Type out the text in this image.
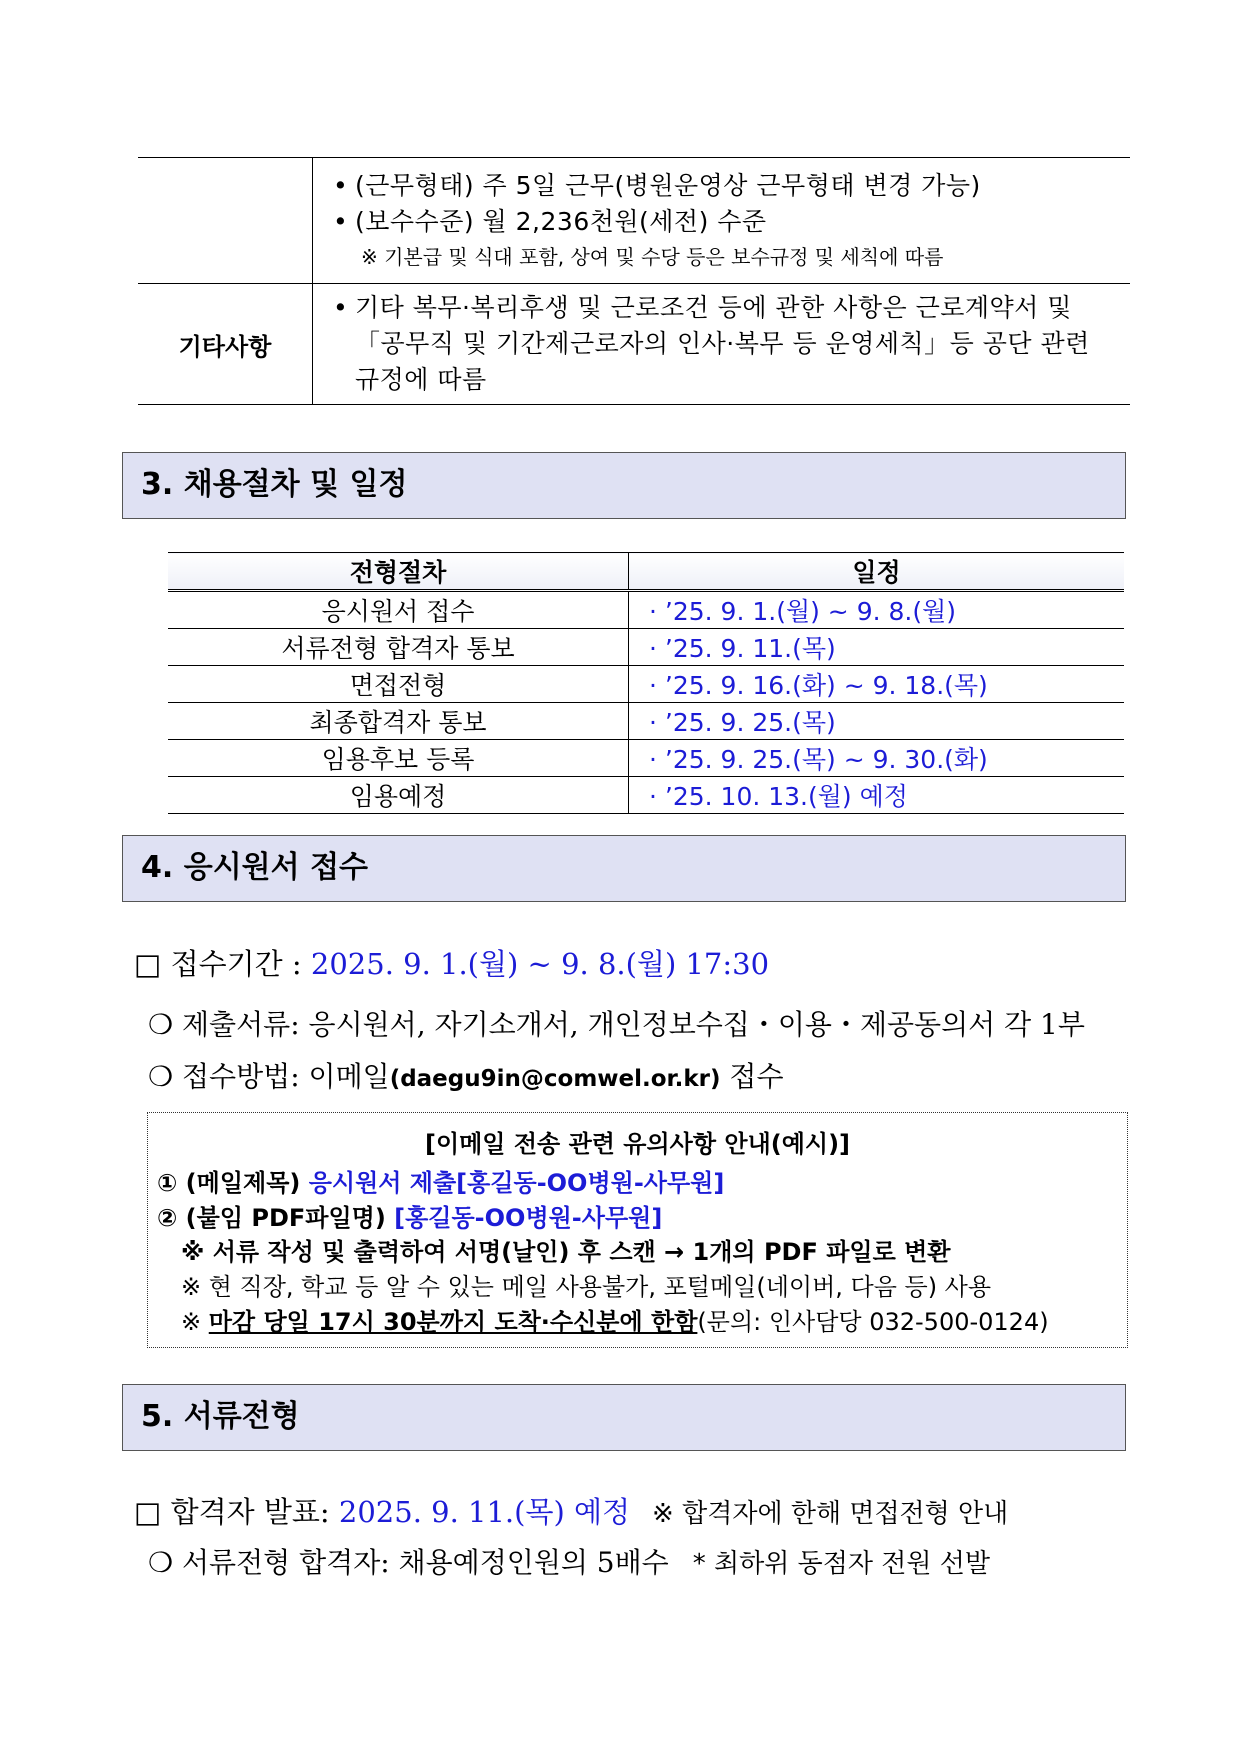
	• (근무형태) 주 5일 근무(병원운영상 근무형태 변경 가능)
• (보수수준) 월 2,236천원(세전) 수준
※ 기본급 및 식대 포함, 상여 및 수당 등은 보수규정 및 세칙에 따름

기타사항	• 기타 복무·복리후생 및 근로조건 등에 관한 사항은 근로계약서 및
「공무직 및 기간제근로자의 인사·복무 등 운영세칙」등 공단 관련
규정에 따름
3. 채용절차 및 일정
전형절차	일정
응시원서 접수	· ’25. 9. 1.(월) ~ 9. 8.(월)
서류전형 합격자 통보	· ’25. 9. 11.(목)
면접전형	· ’25. 9. 16.(화) ~ 9. 18.(목)
최종합격자 통보	· ’25. 9. 25.(목)
임용후보 등록	· ’25. 9. 25.(목) ~ 9. 30.(화)
임용예정	· ’25. 10. 13.(월) 예정
4. 응시원서 접수
□ 접수기간 : 2025. 9. 1.(월) ~ 9. 8.(월) 17:30
❍ 제출서류: 응시원서, 자기소개서, 개인정보수집・이용・제공동의서 각 1부
❍ 접수방법: 이메일(daegu9in@comwel.or.kr) 접수
[이메일 전송 관련 유의사항 안내(예시)]
① (메일제목) 응시원서 제출[홍길동-OO병원-사무원]
② (붙임 PDF파일명) [홍길동-OO병원-사무원]
※ 서류 작성 및 출력하여 서명(날인) 후 스캔 → 1개의 PDF 파일로 변환
※ 현 직장, 학교 등 알 수 있는 메일 사용불가, 포털메일(네이버, 다음 등) 사용
※ 마감 당일 17시 30분까지 도착·수신분에 한함(문의: 인사담당 032-500-0124)
5. 서류전형
□ 합격자 발표: 2025. 9. 11.(목) 예정 ※ 합격자에 한해 면접전형 안내
❍ 서류전형 합격자: 채용예정인원의 5배수 * 최하위 동점자 전원 선발
